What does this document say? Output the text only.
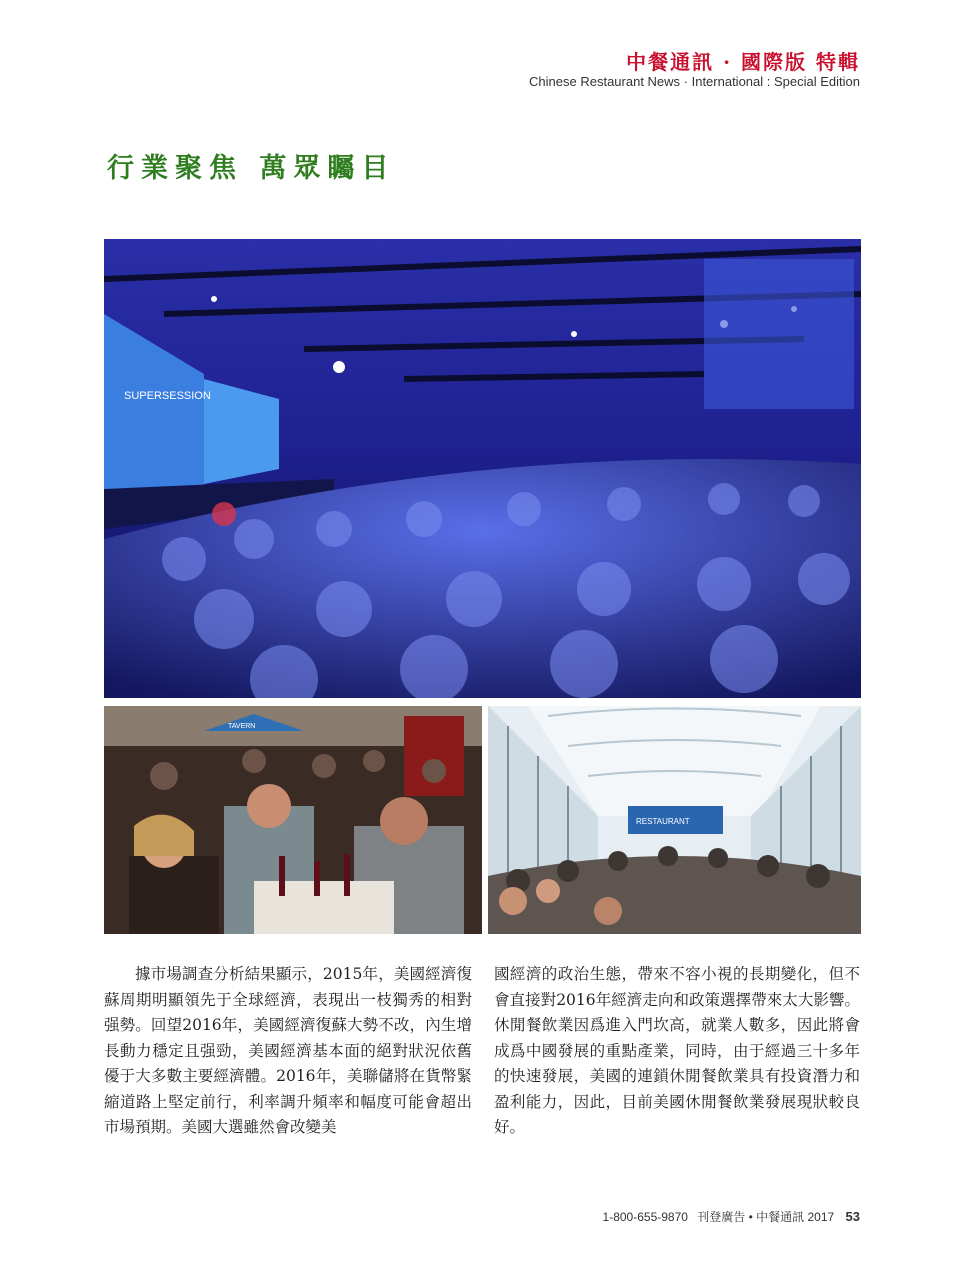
中餐通訊 · 國際版 特輯
Chinese Restaurant News · International : Special Edition
行業聚焦 萬眾矚目
SUPERSESSION
TAVERN
RESTAURANT

據市場調查分析結果顯示，2015年，美國經濟復蘇周期明顯領先于全球經濟，表現出一枝獨秀的相對强勢。回望2016年，美國經濟復蘇大勢不改，內生增長動力穩定且强勁，美國經濟基本面的絕對狀況依舊優于大多數主要經濟體。2016年，美聯儲將在貨幣緊縮道路上堅定前行，利率調升頻率和幅度可能會超出市場預期。美國大選雖然會改變美

國經濟的政治生態，帶來不容小視的長期變化，但不會直接對2016年經濟走向和政策選擇帶來太大影響。休閒餐飲業因爲進入門坎高，就業人數多，因此將會成爲中國發展的重點產業，同時，由于經過三十多年的快速發展，美國的連鎖休閒餐飲業具有投資潛力和盈利能力，因此，目前美國休閒餐飲業發展現狀較良好。

1-800-655-9870 刊登廣告 • 中餐通訊 2017 53
